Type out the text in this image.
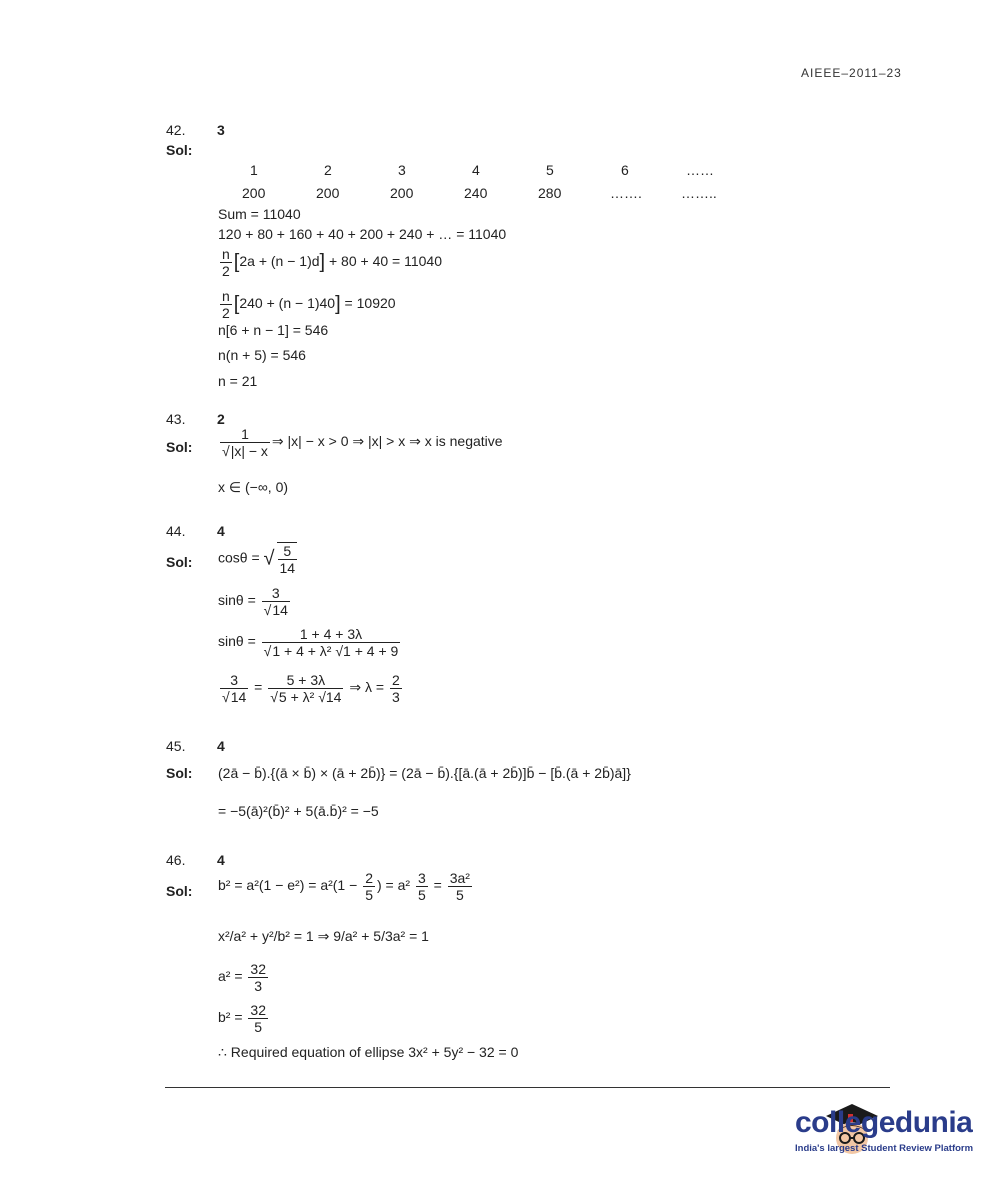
AIEEE–2011–23
42. 3
Sol:
1	2	3	4	5	6	……
200	200	200	240	280	…….	……..
Sum = 11040
120 + 80 + 160 + 40 + 200 + 240 + … = 11040
$\frac{n}{2} [2a + (n - 1)d] + 80 + 40 = 11040$
$\frac{n}{2} [240 + (n - 1)40] = 10920$
n[6 + n − 1] = 546
n(n + 5) = 546
n = 21
43. 2
Sol: $\frac{1}{√|x| - x}$ ⇒ |x| − x > 0 ⇒ |x| > x ⇒ x is negative
x ∈ (−∞, 0)
44. 4
Sol: cosθ = √ $\frac{5}{14}$
$\sin\theta = \frac{3}{√14}$
$\sin\theta = \frac{1 + 4 + 3\lambda}{\text{√1 + 4 + λ² √1 + 4 + 9}}$
$\frac{3}{√14} = \frac{5 + 3\lambda}{\text{√5 + λ² √14}}$ ⇒ $\lambda = \frac{2}{3}$
45. 4
Sol: (2ā − b̄).{(ā × b̄) × (ā + 2b̄)} = (2ā − b̄).{[ā.(ā + 2b̄)]b̄ − [b̄.(ā + 2b̄)ā]}
= −5(ā)²(b̄)² + 5(ā.b̄)² = −5
46. 4
Sol: $b^2 = a^2(1 - e^2) = a^2(1 - \frac{2}{5}$ ) = $a^2 \frac{3}{5} = \frac{\text{3a²}}{5}$
x²/a² + y²/b² = 1 ⇒ 9/a² + 5/3a² = 1
$a^2 = \frac{32}{3}$
$b^2 = \frac{32}{5}$
∴ Required equation of ellipse 3x² + 5y² − 32 = 0
collegedunia
India's largest Student Review Platform
